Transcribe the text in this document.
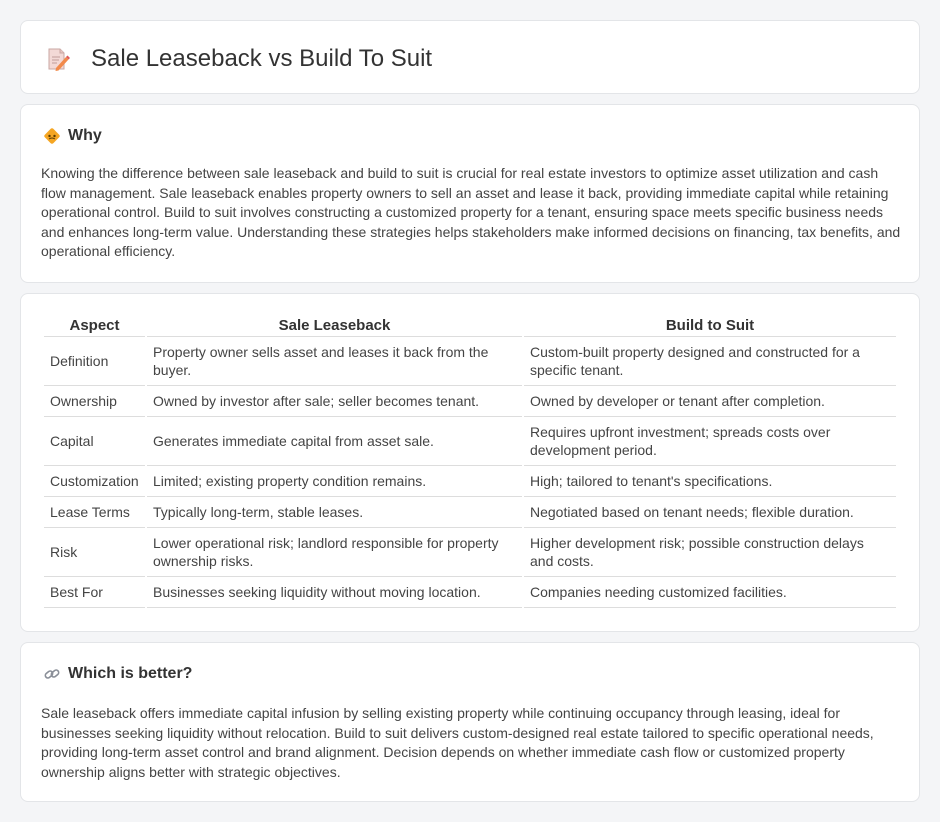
Sale Leaseback vs Build To Suit
Why

Knowing the difference between sale leaseback and build to suit is crucial for real estate investors to optimize asset utilization and cash flow management. Sale leaseback enables property owners to sell an asset and lease it back, providing immediate capital while retaining operational control. Build to suit involves constructing a customized property for a tenant, ensuring space meets specific business needs and enhances long-term value. Understanding these strategies helps stakeholders make informed decisions on financing, tax benefits, and operational efficiency.

Aspect	Sale Leaseback	Build to Suit
Definition	Property owner sells asset and leases it back from the buyer.	Custom-built property designed and constructed for a specific tenant.
Ownership	Owned by investor after sale; seller becomes tenant.	Owned by developer or tenant after completion.
Capital	Generates immediate capital from asset sale.	Requires upfront investment; spreads costs over development period.
Customization	Limited; existing property condition remains.	High; tailored to tenant's specifications.
Lease Terms	Typically long-term, stable leases.	Negotiated based on tenant needs; flexible duration.
Risk	Lower operational risk; landlord responsible for property ownership risks.	Higher development risk; possible construction delays and costs.
Best For	Businesses seeking liquidity without moving location.	Companies needing customized facilities.
Which is better?

Sale leaseback offers immediate capital infusion by selling existing property while continuing occupancy through leasing, ideal for businesses seeking liquidity without relocation. Build to suit delivers custom-designed real estate tailored to specific operational needs, providing long-term asset control and brand alignment. Decision depends on whether immediate cash flow or customized property ownership aligns better with strategic objectives.
